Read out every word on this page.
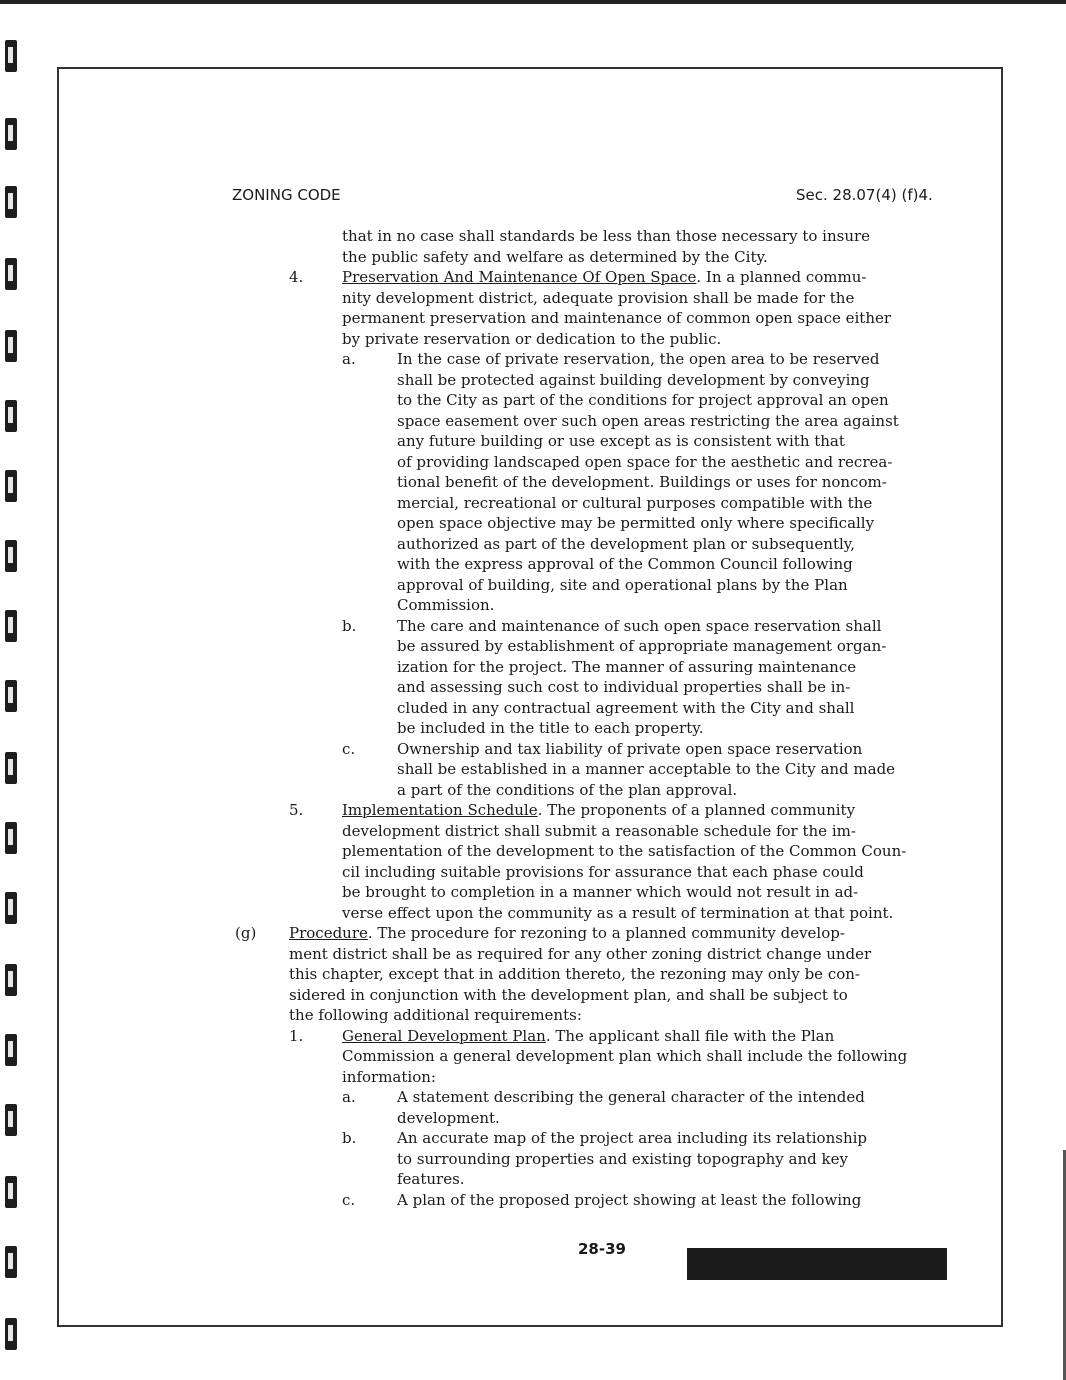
ZONING CODE	Sec. 28.07(4) (f)4.
that in no case shall standards be less than those necessary to insure
the public safety and welfare as determined by the City.
4.	Preservation And Maintenance Of Open Space. In a planned commu-
nity development district, adequate provision shall be made for the
permanent preservation and maintenance of common open space either
by private reservation or dedication to the public.
a.	In the case of private reservation, the open area to be reserved
shall be protected against building development by conveying
to the City as part of the conditions for project approval an open
space easement over such open areas restricting the area against
any future building or use except as is consistent with that
of providing landscaped open space for the aesthetic and recrea-
tional benefit of the development. Buildings or uses for noncom-
mercial, recreational or cultural purposes compatible with the
open space objective may be permitted only where specifically
authorized as part of the development plan or subsequently,
with the express approval of the Common Council following
approval of building, site and operational plans by the Plan
Commission.
b.	The care and maintenance of such open space reservation shall
be assured by establishment of appropriate management organ-
ization for the project. The manner of assuring maintenance
and assessing such cost to individual properties shall be in-
cluded in any contractual agreement with the City and shall
be included in the title to each property.
c.	Ownership and tax liability of private open space reservation
shall be established in a manner acceptable to the City and made
a part of the conditions of the plan approval.
5.	Implementation Schedule. The proponents of a planned community
development district shall submit a reasonable schedule for the im-
plementation of the development to the satisfaction of the Common Coun-
cil including suitable provisions for assurance that each phase could
be brought to completion in a manner which would not result in ad-
verse effect upon the community as a result of termination at that point.
(g) Procedure. The procedure for rezoning to a planned community develop-
ment district shall be as required for any other zoning district change under
this chapter, except that in addition thereto, the rezoning may only be con-
sidered in conjunction with the development plan, and shall be subject to
the following additional requirements:
1.	General Development Plan. The applicant shall file with the Plan
Commission a general development plan which shall include the following
information:
a.	A statement describing the general character of the intended
development.
b.	An accurate map of the project area including its relationship
to surrounding properties and existing topography and key
features.
c.	A plan of the proposed project showing at least the following
28-39
